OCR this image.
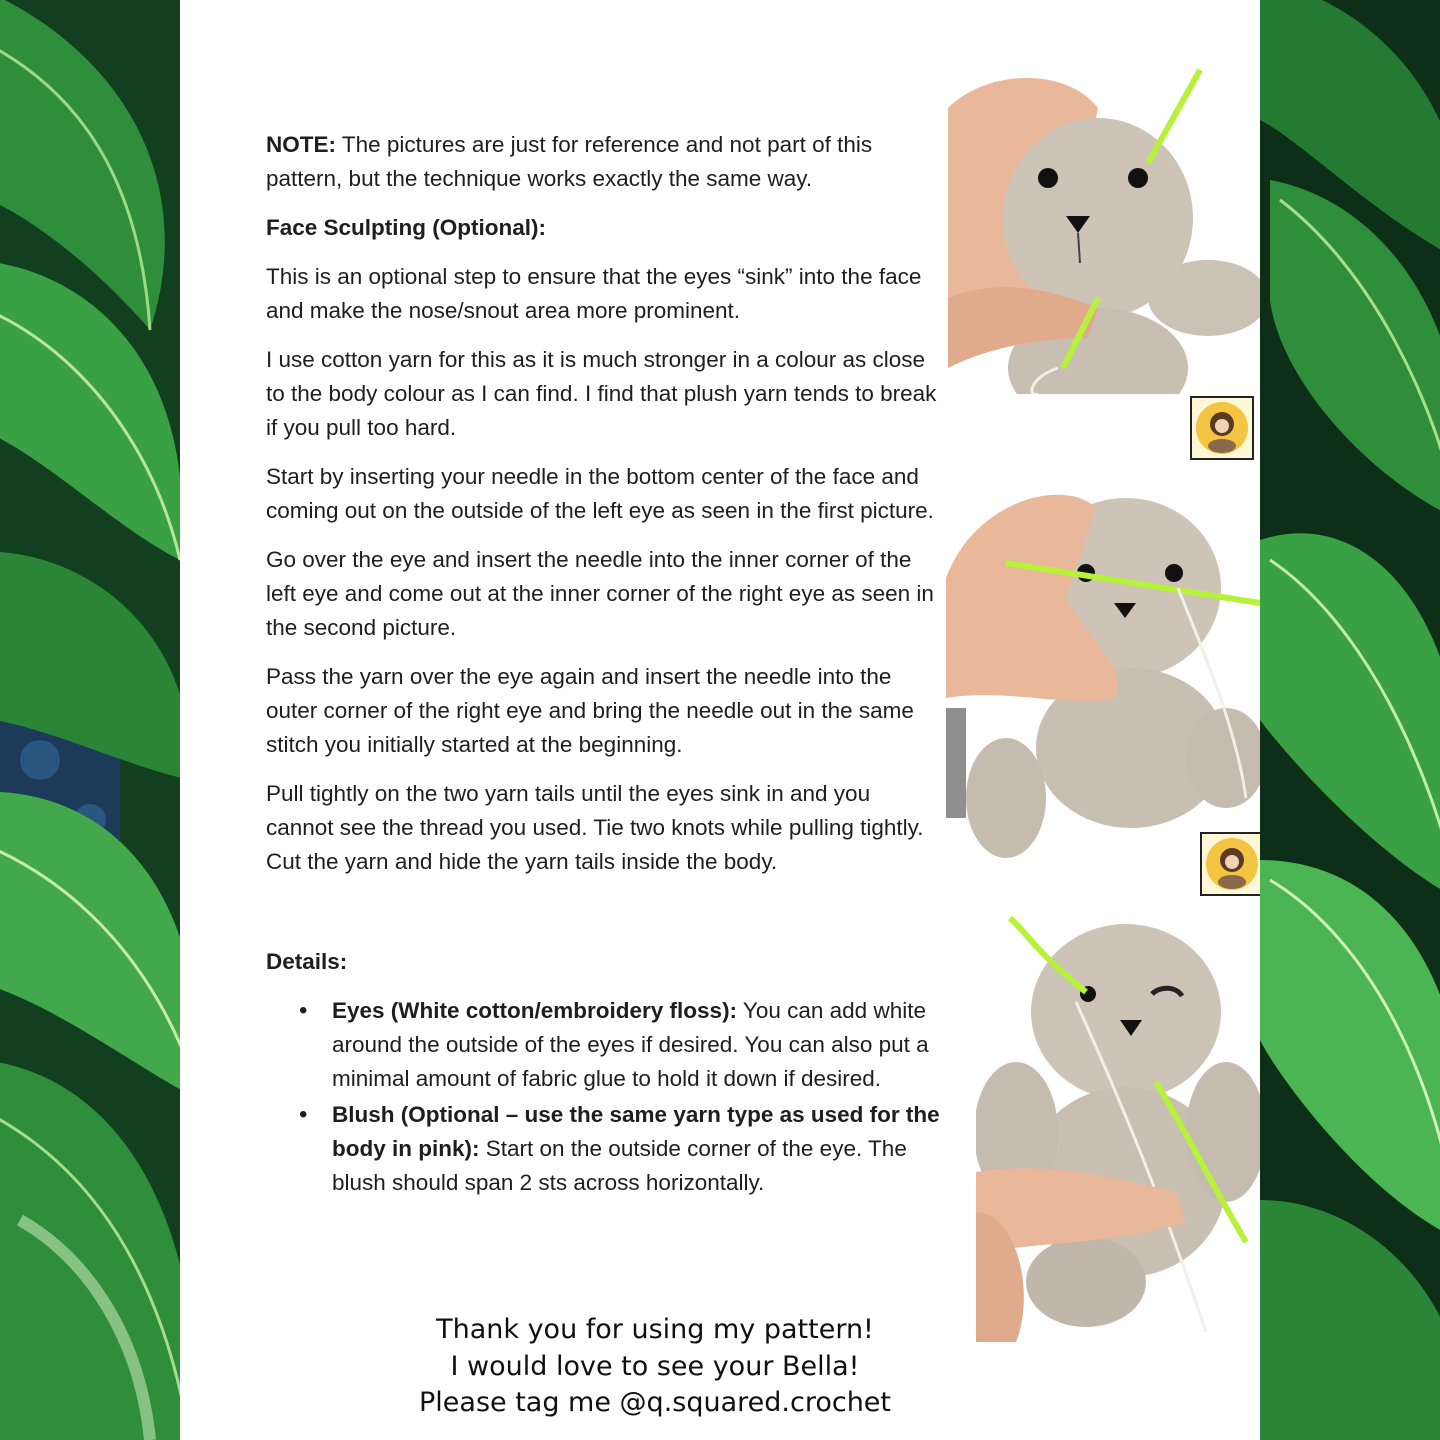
NOTE: The pictures are just for reference and not part of this pattern, but the technique works exactly the same way.

Face Sculpting (Optional):

This is an optional step to ensure that the eyes “sink” into the face and make the nose/snout area more prominent.

I use cotton yarn for this as it is much stronger in a colour as close to the body colour as I can find. I find that plush yarn tends to break if you pull too hard.

Start by inserting your needle in the bottom center of the face and coming out on the outside of the left eye as seen in the first picture.

Go over the eye and insert the needle into the inner corner of the left eye and come out at the inner corner of the right eye as seen in the second picture.

Pass the yarn over the eye again and insert the needle into the outer corner of the right eye and bring the needle out in the same stitch you initially started at the beginning.

Pull tightly on the two yarn tails until the eyes sink in and you cannot see the thread you used. Tie two knots while pulling tightly. Cut the yarn and hide the yarn tails inside the body.

Details:

• Eyes (White cotton/embroidery floss): You can add white around the outside of the eyes if desired. You can also put a minimal amount of fabric glue to hold it down if desired.
• Blush (Optional – use the same yarn type as used for the body in pink): Start on the outside corner of the eye. The blush should span 2 sts across horizontally.
Thank you for using my pattern!
I would love to see your Bella!
Please tag me @q.squared.crochet
